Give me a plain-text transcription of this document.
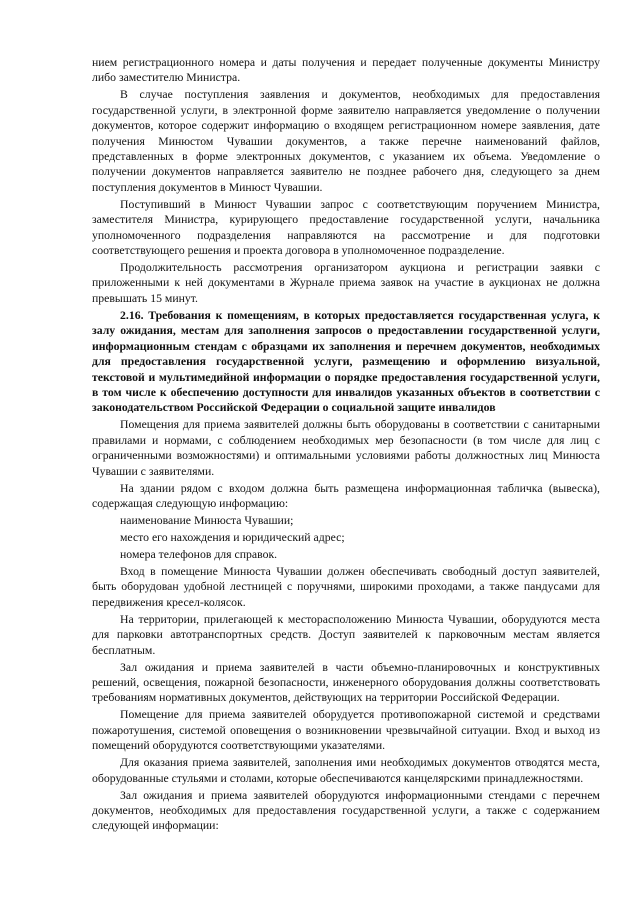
нием регистрационного номера и даты получения и передает полученные документы Министру либо заместителю Министра.

В случае поступления заявления и документов, необходимых для предоставления государственной услуги, в электронной форме заявителю направляется уведомление о получении документов, которое содержит информацию о входящем регистрационном номере заявления, дате получения Минюстом Чувашии документов, а также перечне наименований файлов, представленных в форме электронных документов, с указанием их объема. Уведомление о получении документов направляется заявителю не позднее рабочего дня, следующего за днем поступления документов в Минюст Чувашии.

Поступивший в Минюст Чувашии запрос с соответствующим поручением Министра, заместителя Министра, курирующего предоставление государственной услуги, начальника уполномоченного подразделения направляются на рассмотрение и для подготовки соответствующего решения и проекта договора в уполномоченное подразделение.

Продолжительность рассмотрения организатором аукциона и регистрации заявки с приложенными к ней документами в Журнале приема заявок на участие в аукционах не должна превышать 15 минут.

2.16. Требования к помещениям, в которых предоставляется государственная услуга, к залу ожидания, местам для заполнения запросов о предоставлении государственной услуги, информационным стендам с образцами их заполнения и перечнем документов, необходимых для предоставления государственной услуги, размещению и оформлению визуальной, текстовой и мультимедийной информации о порядке предоставления государственной услуги, в том числе к обеспечению доступности для инвалидов указанных объектов в соответствии с законодательством Российской Федерации о социальной защите инвалидов

Помещения для приема заявителей должны быть оборудованы в соответствии с санитарными правилами и нормами, с соблюдением необходимых мер безопасности (в том числе для лиц с ограниченными возможностями) и оптимальными условиями работы должностных лиц Минюста Чувашии с заявителями.

На здании рядом с входом должна быть размещена информационная табличка (вывеска), содержащая следующую информацию:

наименование Минюста Чувашии;

место его нахождения и юридический адрес;

номера телефонов для справок.

Вход в помещение Минюста Чувашии должен обеспечивать свободный доступ заявителей, быть оборудован удобной лестницей с поручнями, широкими проходами, а также пандусами для передвижения кресел-колясок.

На территории, прилегающей к месторасположению Минюста Чувашии, оборудуются места для парковки автотранспортных средств. Доступ заявителей к парковочным местам является бесплатным.

Зал ожидания и приема заявителей в части объемно-планировочных и конструктивных решений, освещения, пожарной безопасности, инженерного оборудования должны соответствовать требованиям нормативных документов, действующих на территории Российской Федерации.

Помещение для приема заявителей оборудуется противопожарной системой и средствами пожаротушения, системой оповещения о возникновении чрезвычайной ситуации. Вход и выход из помещений оборудуются соответствующими указателями.

Для оказания приема заявителей, заполнения ими необходимых документов отводятся места, оборудованные стульями и столами, которые обеспечиваются канцелярскими принадлежностями.

Зал ожидания и приема заявителей оборудуются информационными стендами с перечнем документов, необходимых для предоставления государственной услуги, а также с содержанием следующей информации:
